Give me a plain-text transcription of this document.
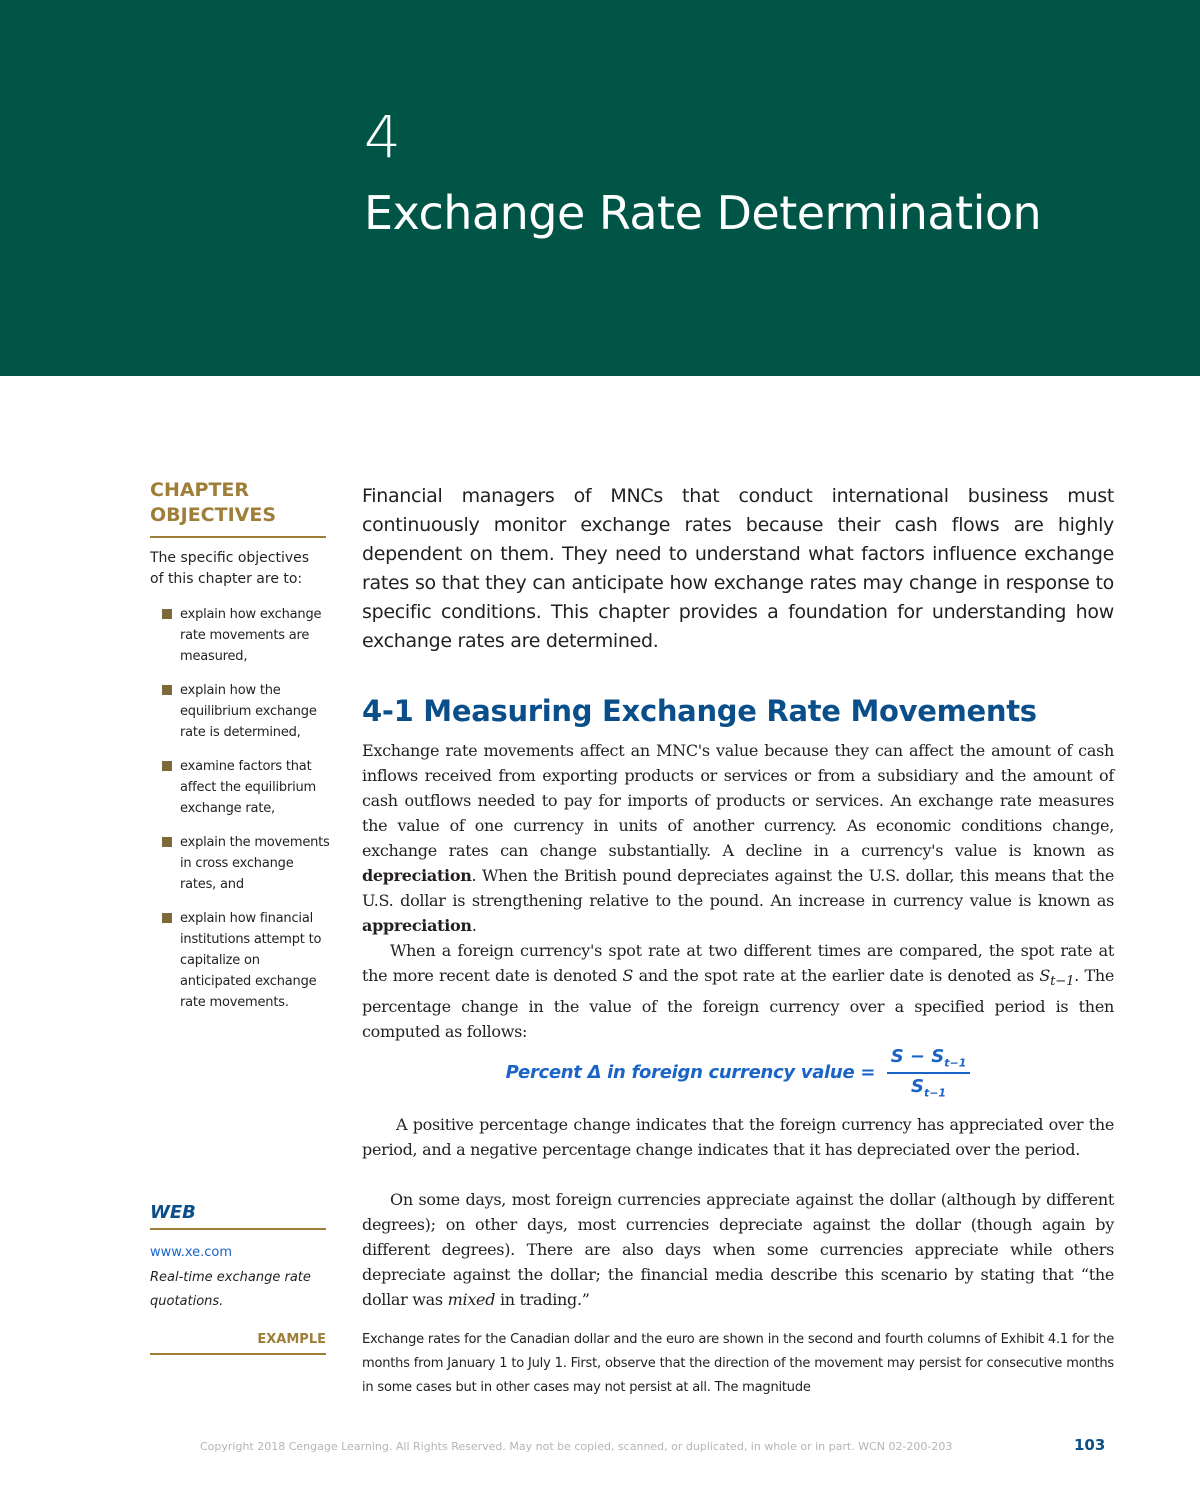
4
Exchange Rate Determination
CHAPTER
OBJECTIVES
The specific objectives of this chapter are to:
explain how exchange rate movements are measured,
explain how the equilibrium exchange rate is determined,
examine factors that affect the equilibrium exchange rate,
explain the movements in cross exchange rates, and
explain how financial institutions attempt to capitalize on anticipated exchange rate movements.
WEB
www.xe.com
Real-time exchange rate quotations.
EXAMPLE

Financial managers of MNCs that conduct international business must continuously monitor exchange rates because their cash flows are highly dependent on them. They need to understand what factors influence exchange rates so that they can anticipate how exchange rates may change in response to specific conditions. This chapter provides a foundation for understanding how exchange rates are determined.

4-1 Measuring Exchange Rate Movements

Exchange rate movements affect an MNC's value because they can affect the amount of cash inflows received from exporting products or services or from a subsidiary and the amount of cash outflows needed to pay for imports of products or services. An exchange rate measures the value of one currency in units of another currency. As economic conditions change, exchange rates can change substantially. A decline in a currency's value is known as depreciation. When the British pound depreciates against the U.S. dollar, this means that the U.S. dollar is strengthening relative to the pound. An increase in currency value is known as appreciation.

When a foreign currency's spot rate at two different times are compared, the spot rate at the more recent date is denoted S and the spot rate at the earlier date is denoted as $S_{t-1}$. The percentage change in the value of the foreign currency over a specified period is then computed as follows:

Percent Δ in foreign currency value = $\frac{S - S_{t-1}}{S_{t-1}}$

A positive percentage change indicates that the foreign currency has appreciated over the period, and a negative percentage change indicates that it has depreciated over the period.

On some days, most foreign currencies appreciate against the dollar (although by different degrees); on other days, most currencies depreciate against the dollar (though again by different degrees). There are also days when some currencies appreciate while others depreciate against the dollar; the financial media describe this scenario by stating that “the dollar was mixed in trading.”

Exchange rates for the Canadian dollar and the euro are shown in the second and fourth columns of Exhibit 4.1 for the months from January 1 to July 1. First, observe that the direction of the movement may persist for consecutive months in some cases but in other cases may not persist at all. The magnitude

Copyright 2018 Cengage Learning. All Rights Reserved. May not be copied, scanned, or duplicated, in whole or in part. WCN 02-200-203	103
